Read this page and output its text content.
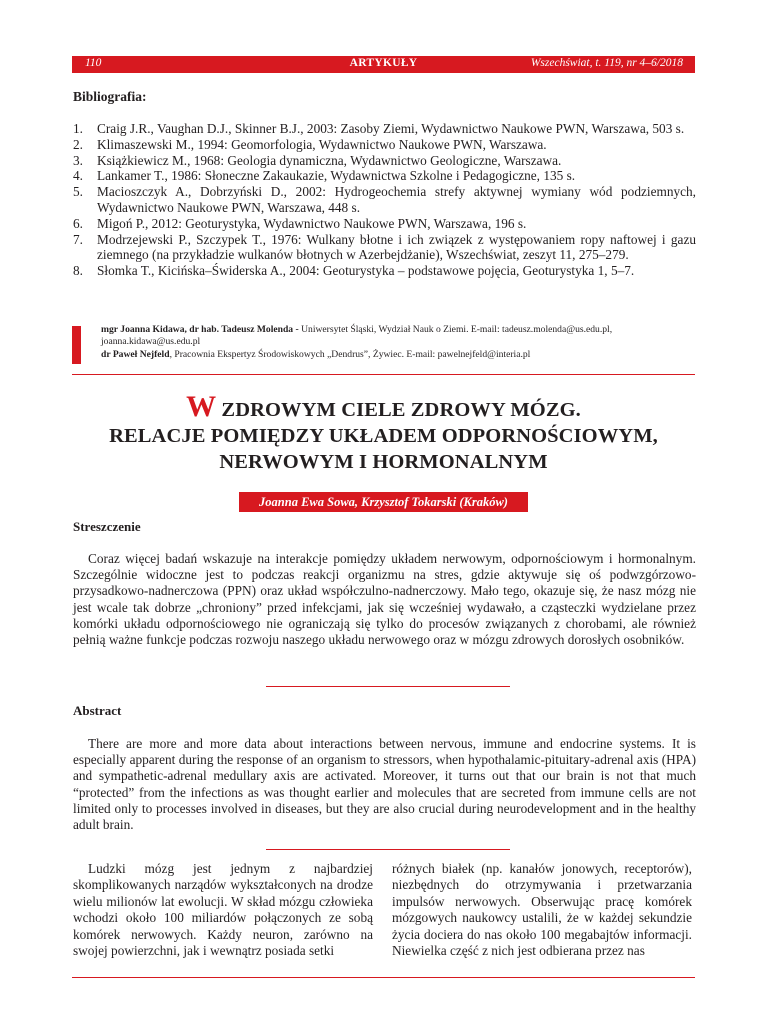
110	ARTYKUŁY	Wszechświat, t. 119, nr 4–6/2018
Bibliografia:
1. Craig J.R., Vaughan D.J., Skinner B.J., 2003: Zasoby Ziemi, Wydawnictwo Naukowe PWN, Warszawa, 503 s.
2. Klimaszewski M., 1994: Geomorfologia, Wydawnictwo Naukowe PWN, Warszawa.
3. Książkiewicz M., 1968: Geologia dynamiczna, Wydawnictwo Geologiczne, Warszawa.
4. Lankamer T., 1986: Słoneczne Zakaukazie, Wydawnictwa Szkolne i Pedagogiczne, 135 s.
5. Macioszczyk A., Dobrzyński D., 2002: Hydrogeochemia strefy aktywnej wymiany wód podziemnych, Wydawnictwo Naukowe PWN, Warszawa, 448 s.
6. Migoń P., 2012: Geoturystyka, Wydawnictwo Naukowe PWN, Warszawa, 196 s.
7. Modrzejewski P., Szczypek T., 1976: Wulkany błotne i ich związek z występowaniem ropy naftowej i gazu ziemnego (na przykładzie wulkanów błotnych w Azerbejdżanie), Wszechświat, zeszyt 11, 275–279.
8. Słomka T., Kicińska–Świderska A., 2004: Geoturystyka – podstawowe pojęcia, Geoturystyka 1, 5–7.
mgr Joanna Kidawa, dr hab. Tadeusz Molenda - Uniwersytet Śląski, Wydział Nauk o Ziemi. E-mail: tadeusz.molenda@us.edu.pl, joanna.kidawa@us.edu.pl
dr Paweł Nejfeld, Pracownia Ekspertyz Środowiskowych „Dendrus”, Żywiec. E-mail: pawelnejfeld@interia.pl
W ZDROWYM CIELE ZDROWY MÓZG.
RELACJE POMIĘDZY UKŁADEM ODPORNOŚCIOWYM,
NERWOWYM I HORMONALNYM
Joanna Ewa Sowa, Krzysztof Tokarski (Kraków)
Streszczenie

Coraz więcej badań wskazuje na interakcje pomiędzy układem nerwowym, odpornościowym i hormonalnym. Szczególnie widoczne jest to podczas reakcji organizmu na stres, gdzie aktywuje się oś podwzgórzowo-przysadkowo-nadnerczowa (PPN) oraz układ współczulno-nadnerczowy. Mało tego, okazuje się, że nasz mózg nie jest wcale tak dobrze „chroniony” przed infekcjami, jak się wcześniej wydawało, a cząsteczki wydzielane przez komórki układu odpornościowego nie ograniczają się tylko do procesów związanych z chorobami, ale również pełnią ważne funkcje podczas rozwoju naszego układu nerwowego oraz w mózgu zdrowych dorosłych osobników.

Abstract

There are more and more data about interactions between nervous, immune and endocrine systems. It is especially apparent during the response of an organism to stressors, when hypothalamic-pituitary-adrenal axis (HPA) and sympathetic-adrenal medullary axis are activated. Moreover, it turns out that our brain is not that much “protected” from the infections as was thought earlier and molecules that are secreted from immune cells are not limited only to processes involved in diseases, but they are also crucial during neurodevelopment and in the healthy adult brain.

Ludzki mózg jest jednym z najbardziej skomplikowanych narządów wykształconych na drodze wielu milionów lat ewolucji. W skład mózgu człowieka wchodzi około 100 miliardów połączonych ze sobą komórek nerwowych. Każdy neuron, zarówno na swojej powierzchni, jak i wewnątrz posiada setki

różnych białek (np. kanałów jonowych, receptorów), niezbędnych do otrzymywania i przetwarzania impulsów nerwowych. Obserwując pracę komórek mózgowych naukowcy ustalili, że w każdej sekundzie życia dociera do nas około 100 megabajtów informacji. Niewielka część z nich jest odbierana przez nas
